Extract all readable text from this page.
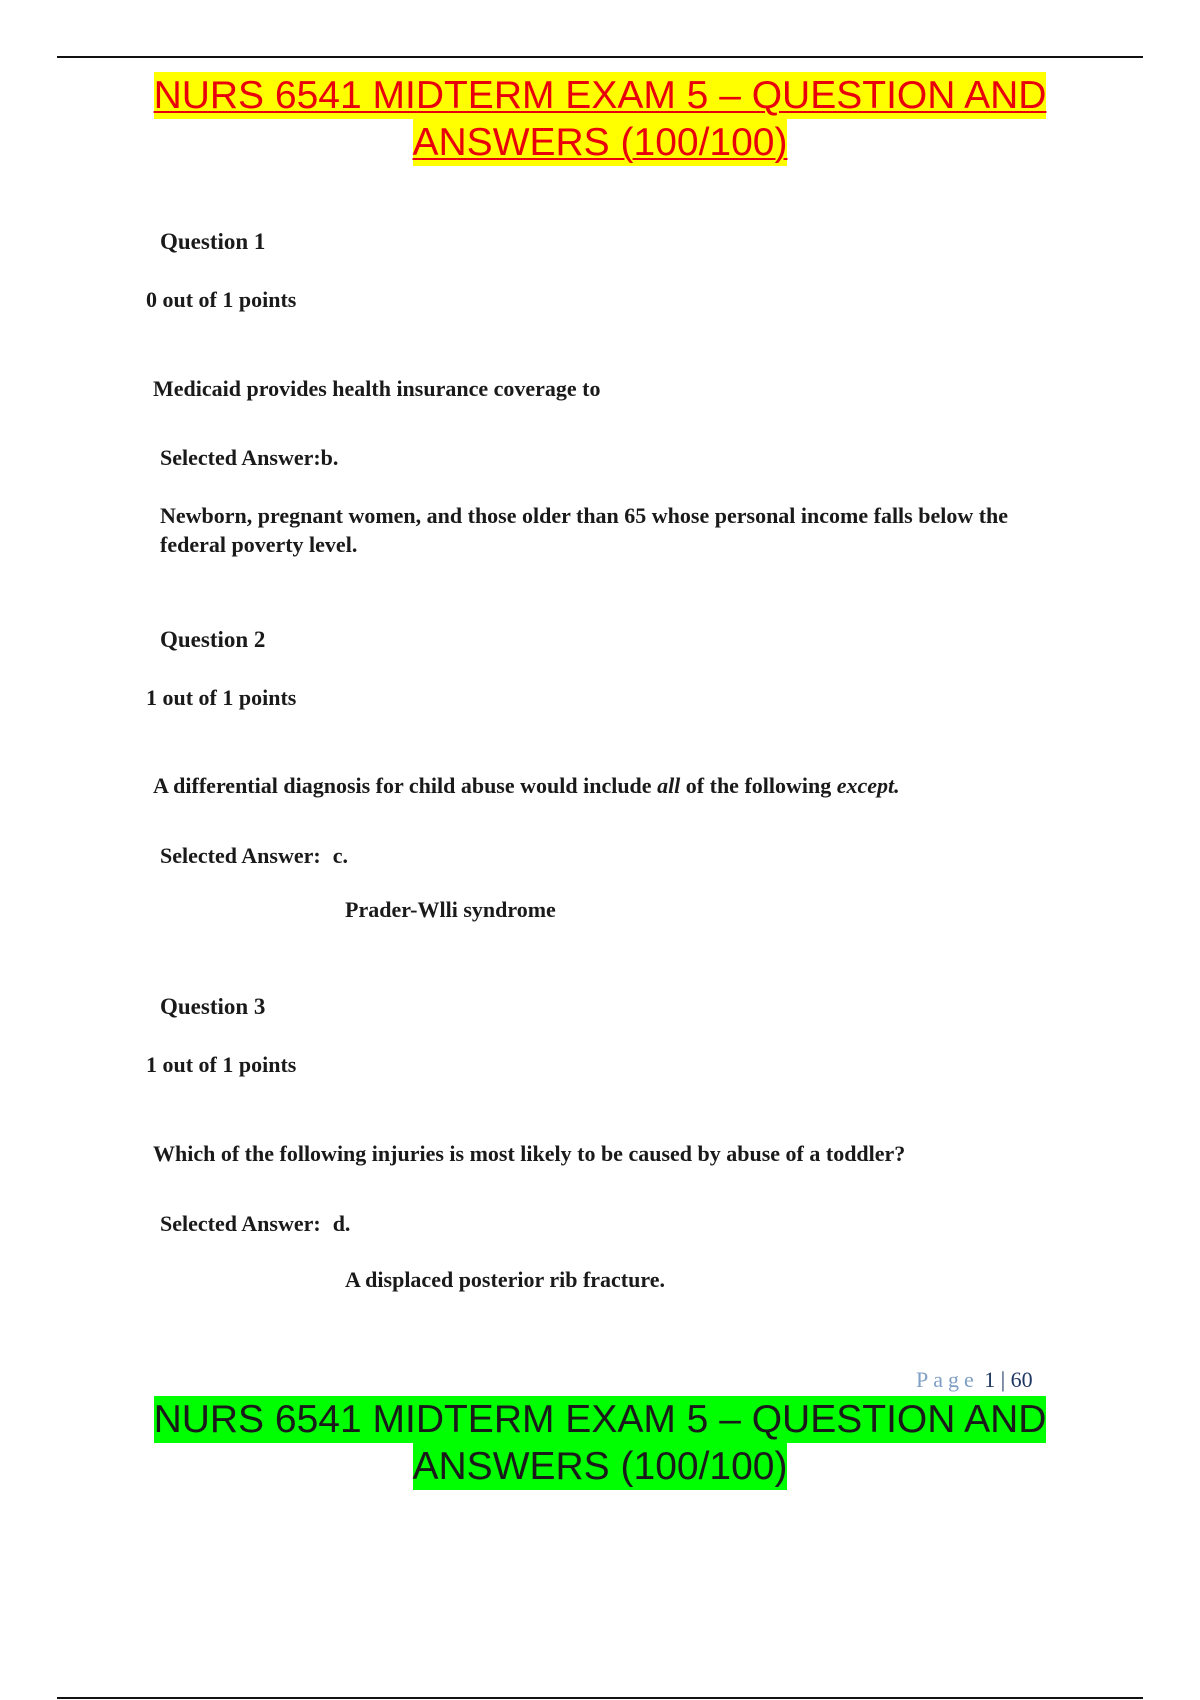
NURS 6541 MIDTERM EXAM 5 – QUESTION AND
ANSWERS (100/100)
Question 1
0 out of 1 points
Medicaid provides health insurance coverage to
Selected Answer:b.
Newborn, pregnant women, and those older than 65 whose personal income falls below the federal poverty level.
Question 2
1 out of 1 points
A differential diagnosis for child abuse would include all of the following except.
Selected Answer: c.
Prader-Wlli syndrome
Question 3
1 out of 1 points
Which of the following injuries is most likely to be caused by abuse of a toddler?
Selected Answer: d.
A displaced posterior rib fracture.
Page 1 | 60
NURS 6541 MIDTERM EXAM 5 – QUESTION AND
ANSWERS (100/100)
